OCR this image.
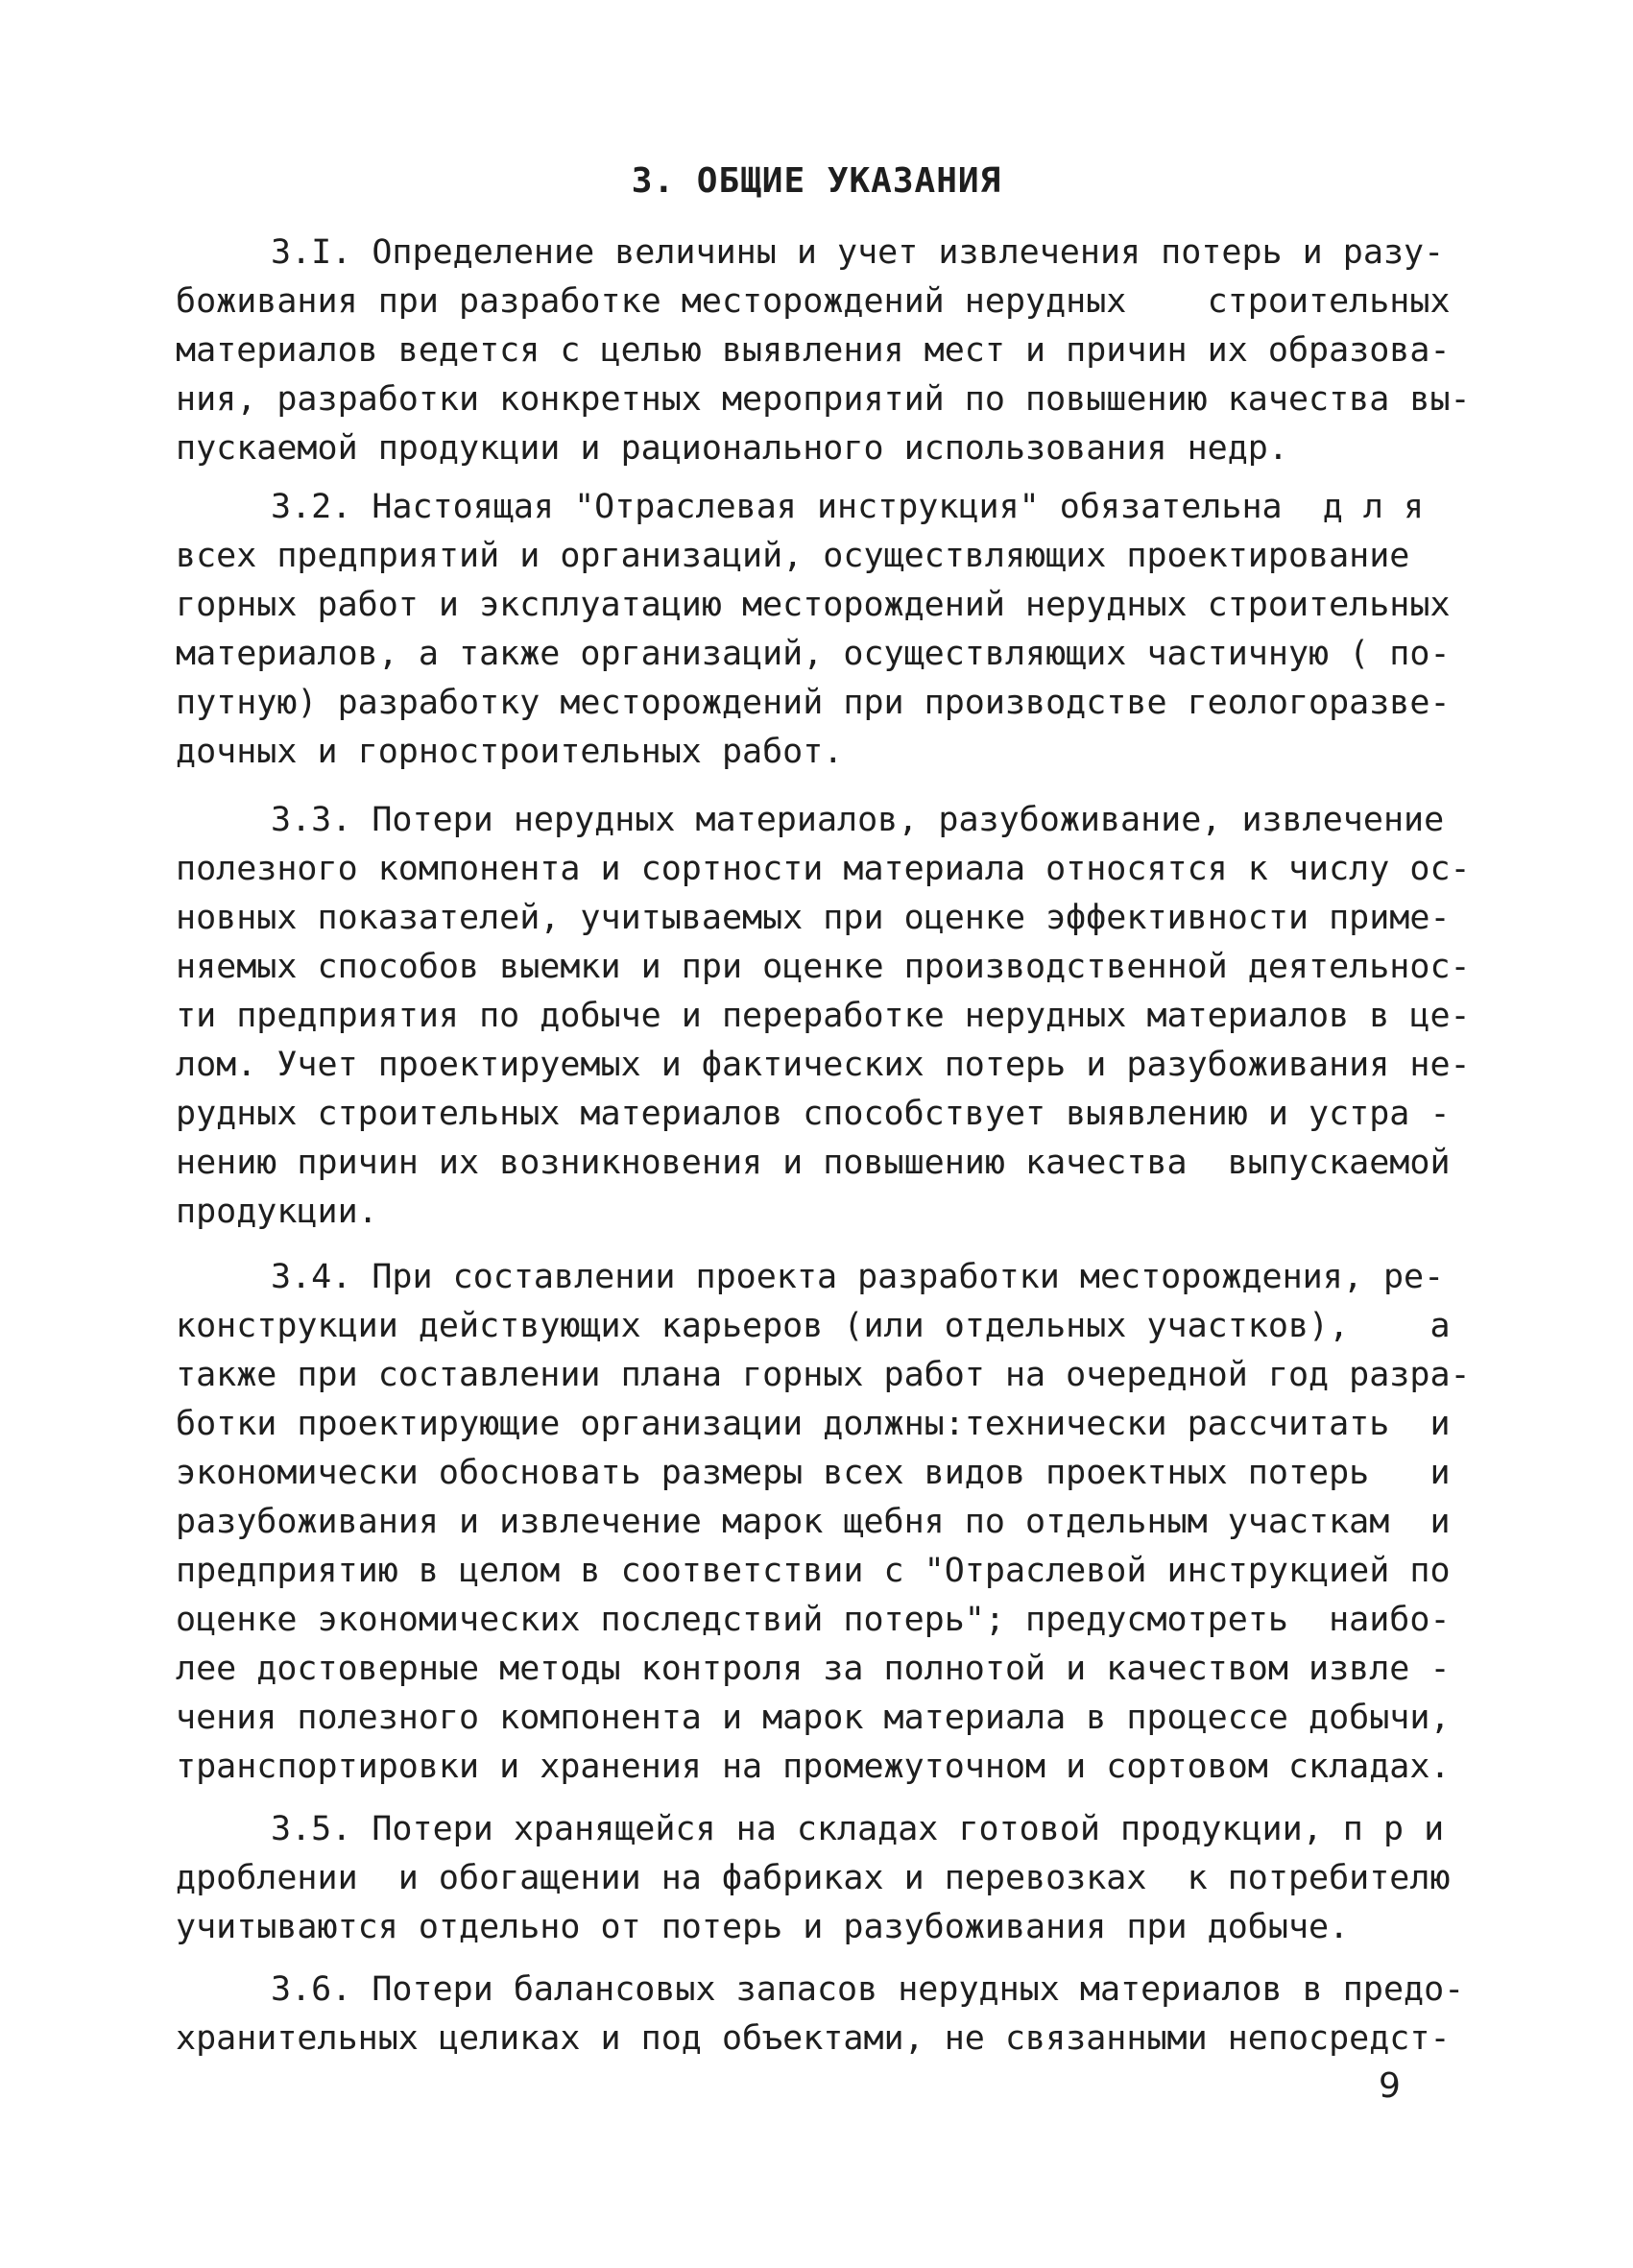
3. ОБЩИЕ УКАЗАНИЯ
3.I. Определение величины и учет извлечения потерь и разу-
боживания при разработке месторождений нерудных    строительных
материалов ведется с целью выявления мест и причин их образова-
ния, разработки конкретных мероприятий по повышению качества вы-
пускаемой продукции и рационального использования недр.
3.2. Настоящая "Отраслевая инструкция" обязательна  д л я
всех предприятий и организаций, осуществляющих проектирование
горных работ и эксплуатацию месторождений нерудных строительных
материалов, а также организаций, осуществляющих частичную ( по-
путную) разработку месторождений при производстве геологоразве-
дочных и горностроительных работ.
3.3. Потери нерудных материалов, разубоживание, извлечение
полезного компонента и сортности материала относятся к числу ос-
новных показателей, учитываемых при оценке эффективности приме-
няемых способов выемки и при оценке производственной деятельнос-
ти предприятия по добыче и переработке нерудных материалов в це-
лом. Учет проектируемых и фактических потерь и разубоживания не-
рудных строительных материалов способствует выявлению и устра -
нению причин их возникновения и повышению качества  выпускаемой
продукции.
3.4. При составлении проекта разработки месторождения, ре-
конструкции действующих карьеров (или отдельных участков),    а
также при составлении плана горных работ на очередной год разра-
ботки проектирующие организации должны:технически рассчитать  и
экономически обосновать размеры всех видов проектных потерь   и
разубоживания и извлечение марок щебня по отдельным участкам  и
предприятию в целом в соответствии с "Отраслевой инструкцией по
оценке экономических последствий потерь"; предусмотреть  наибо-
лее достоверные методы контроля за полнотой и качеством извле -
чения полезного компонента и марок материала в процессе добычи,
транспортировки и хранения на промежуточном и сортовом складах.
3.5. Потери хранящейся на складах готовой продукции, п р и
дроблении  и обогащении на фабриках и перевозках  к потребителю
учитываются отдельно от потерь и разубоживания при добыче.
3.6. Потери балансовых запасов нерудных материалов в предо-
хранительных целиках и под объектами, не связанными непосредст-
9
